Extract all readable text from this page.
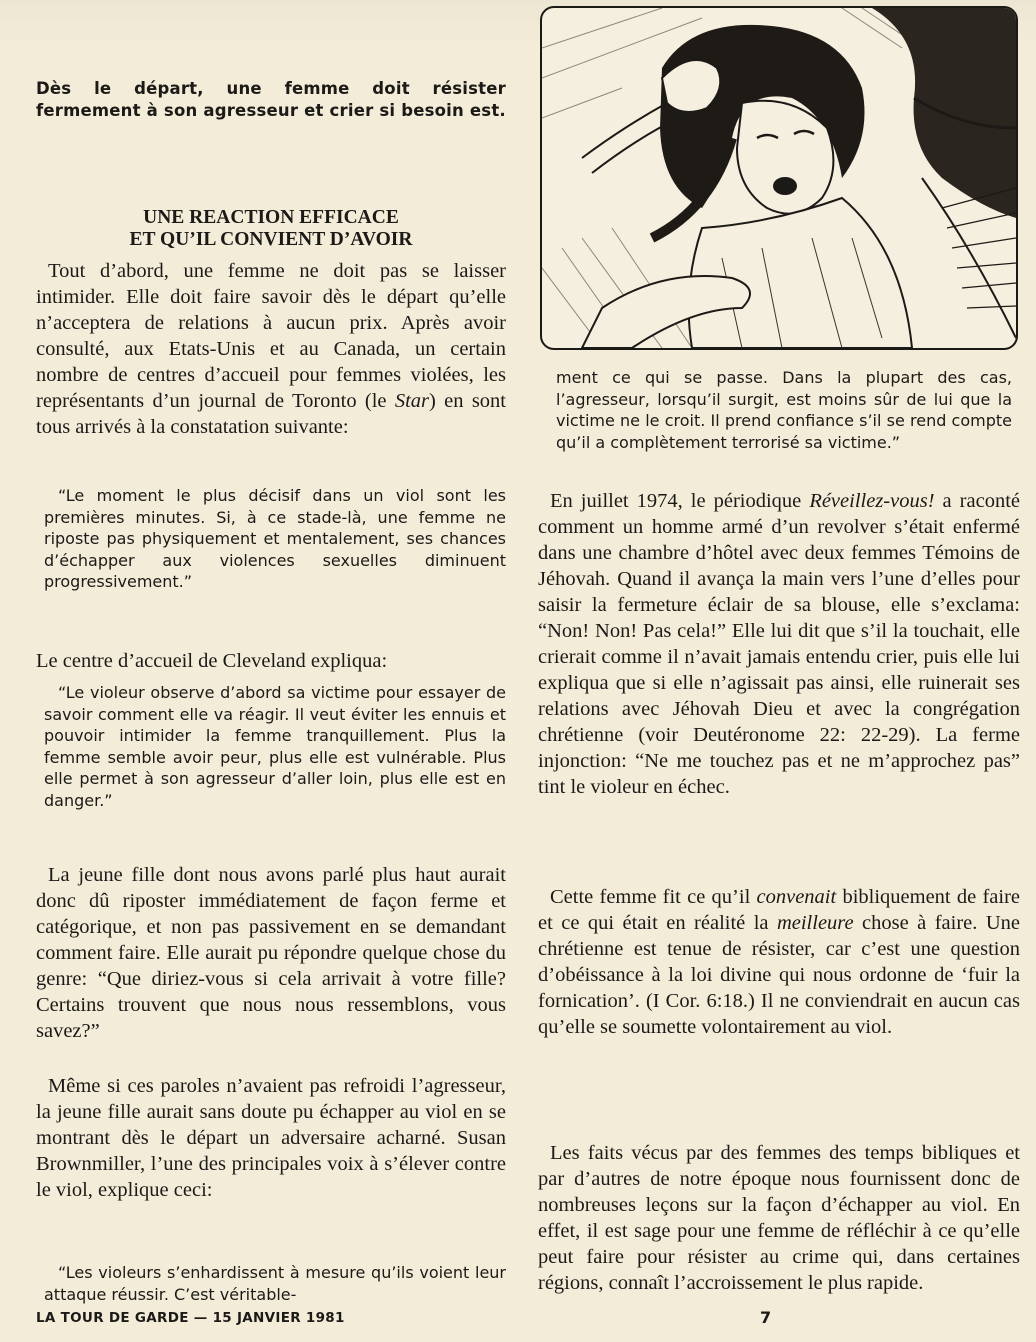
Dès le départ, une femme doit résister fermement à son agresseur et crier si besoin est.

UNE REACTION EFFICACE
ET QU’IL CONVIENT D’AVOIR

Tout d’abord, une femme ne doit pas se laisser intimider. Elle doit faire savoir dès le départ qu’elle n’acceptera de relations à aucun prix. Après avoir consulté, aux Etats-Unis et au Canada, un certain nombre de centres d’accueil pour femmes violées, les représentants d’un journal de Toronto (le Star) en sont tous arrivés à la constatation suivante:

“Le moment le plus décisif dans un viol sont les premières minutes. Si, à ce stade-là, une femme ne riposte pas physiquement et mentalement, ses chances d’échapper aux violences sexuelles diminuent progressivement.”

Le centre d’accueil de Cleveland expliqua:

“Le violeur observe d’abord sa victime pour essayer de savoir comment elle va réagir. Il veut éviter les ennuis et pouvoir intimider la femme tranquillement. Plus la femme semble avoir peur, plus elle est vulnérable. Plus elle permet à son agresseur d’aller loin, plus elle est en danger.”

La jeune fille dont nous avons parlé plus haut aurait donc dû riposter immédiatement de façon ferme et catégorique, et non pas passivement en se demandant comment faire. Elle aurait pu répondre quelque chose du genre: “Que diriez-vous si cela arrivait à votre fille? Certains trouvent que nous nous ressemblons, vous savez?”

Même si ces paroles n’avaient pas refroidi l’agresseur, la jeune fille aurait sans doute pu échapper au viol en se montrant dès le départ un adversaire acharné. Susan Brownmiller, l’une des principales voix à s’élever contre le viol, explique ceci:

“Les violeurs s’enhardissent à mesure qu’ils voient leur attaque réussir. C’est véritable-

ment ce qui se passe. Dans la plupart des cas, l’agresseur, lorsqu’il surgit, est moins sûr de lui que la victime ne le croit. Il prend confiance s’il se rend compte qu’il a complètement terrorisé sa victime.”

En juillet 1974, le périodique Réveillez-vous! a raconté comment un homme armé d’un revolver s’était enfermé dans une chambre d’hôtel avec deux femmes Témoins de Jéhovah. Quand il avança la main vers l’une d’elles pour saisir la fermeture éclair de sa blouse, elle s’exclama: “Non! Non! Pas cela!” Elle lui dit que s’il la touchait, elle crierait comme il n’avait jamais entendu crier, puis elle lui expliqua que si elle n’agissait pas ainsi, elle ruinerait ses relations avec Jéhovah Dieu et avec la congrégation chrétienne (voir Deutéronome 22: 22-29). La ferme injonction: “Ne me touchez pas et ne m’approchez pas” tint le violeur en échec.

Cette femme fit ce qu’il convenait bibliquement de faire et ce qui était en réalité la meilleure chose à faire. Une chrétienne est tenue de résister, car c’est une question d’obéissance à la loi divine qui nous ordonne de ‘fuir la fornication’. (I Cor. 6:18.) Il ne conviendrait en aucun cas qu’elle se soumette volontairement au viol.

Les faits vécus par des femmes des temps bibliques et par d’autres de notre époque nous fournissent donc de nombreuses leçons sur la façon d’échapper au viol. En effet, il est sage pour une femme de réfléchir à ce qu’elle peut faire pour résister au crime qui, dans certaines régions, connaît l’accroissement le plus rapide.

LA TOUR DE GARDE — 15 JANVIER 1981	7
